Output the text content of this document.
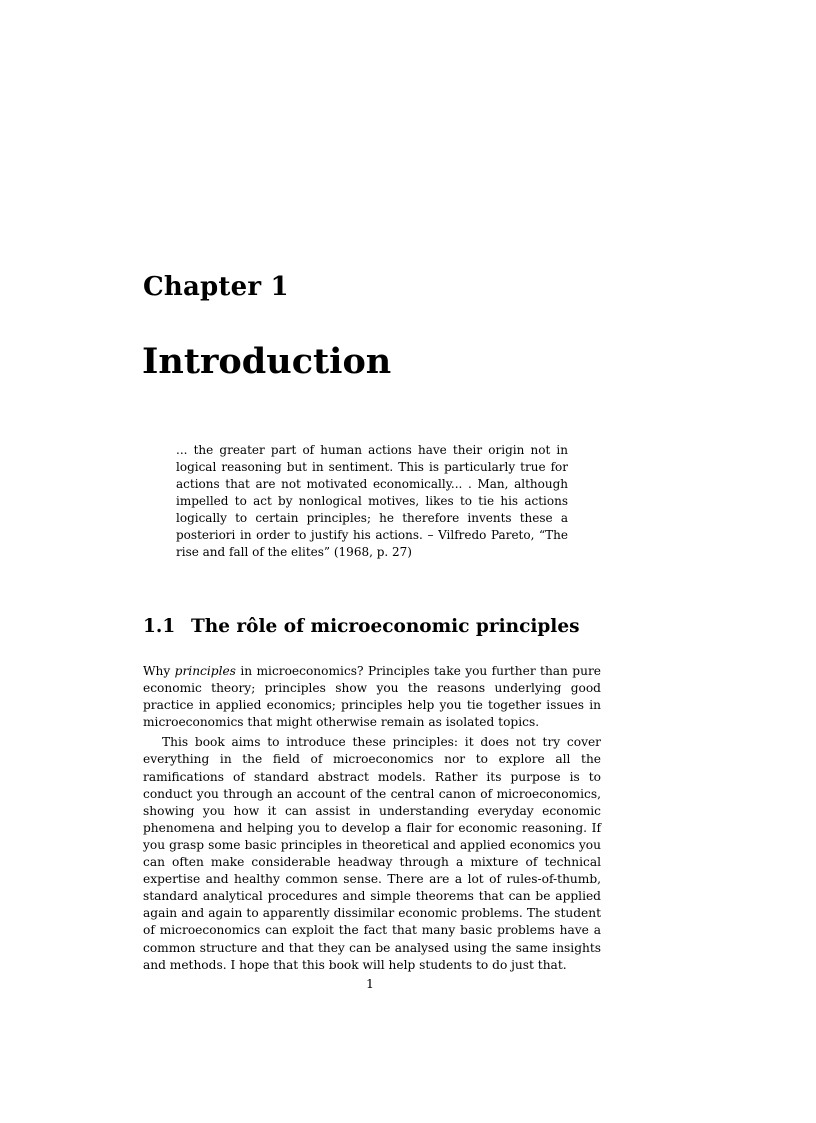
Chapter 1
Introduction
... the greater part of human actions have their origin not in logical reasoning but in sentiment. This is particularly true for actions that are not motivated economically... . Man, although impelled to act by nonlogical motives, likes to tie his actions logically to certain principles; he therefore invents these a posteriori in order to justify his actions. – Vilfredo Pareto, “The rise and fall of the elites” (1968, p. 27)
1.1 The rôle of microeconomic principles

Why principles in microeconomics? Principles take you further than pure economic theory; principles show you the reasons underlying good practice in applied economics; principles help you tie together issues in microeconomics that might otherwise remain as isolated topics.

This book aims to introduce these principles: it does not try cover everything in the field of microeconomics nor to explore all the ramifications of standard abstract models. Rather its purpose is to conduct you through an account of the central canon of microeconomics, showing you how it can assist in understanding everyday economic phenomena and helping you to develop a flair for economic reasoning. If you grasp some basic principles in theoretical and applied economics you can often make considerable headway through a mixture of technical expertise and healthy common sense. There are a lot of rules-of-thumb, standard analytical procedures and simple theorems that can be applied again and again to apparently dissimilar economic problems. The student of microeconomics can exploit the fact that many basic problems have a common structure and that they can be analysed using the same insights and methods. I hope that this book will help students to do just that.

1
